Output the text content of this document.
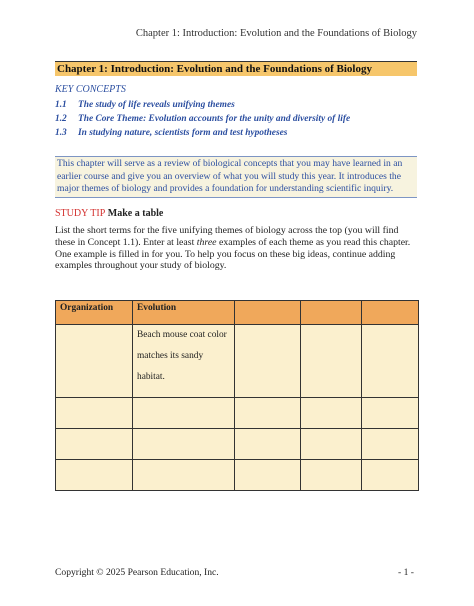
Chapter 1: Introduction: Evolution and the Foundations of Biology
Chapter 1: Introduction: Evolution and the Foundations of Biology
KEY CONCEPTS
1.1 The study of life reveals unifying themes
1.2 The Core Theme: Evolution accounts for the unity and diversity of life
1.3 In studying nature, scientists form and test hypotheses
This chapter will serve as a review of biological concepts that you may have learned in an earlier course and give you an overview of what you will study this year. It introduces the major themes of biology and provides a foundation for understanding scientific inquiry.
STUDY TIP Make a table
List the short terms for the five unifying themes of biology across the top (you will find these in Concept 1.1). Enter at least three examples of each theme as you read this chapter. One example is filled in for you. To help you focus on these big ideas, continue adding examples throughout your study of biology.
Organization	Evolution			

	Beach mouse coat color
matches its sandy
habitat.			

Copyright © 2025 Pearson Education, Inc.	- 1 -
